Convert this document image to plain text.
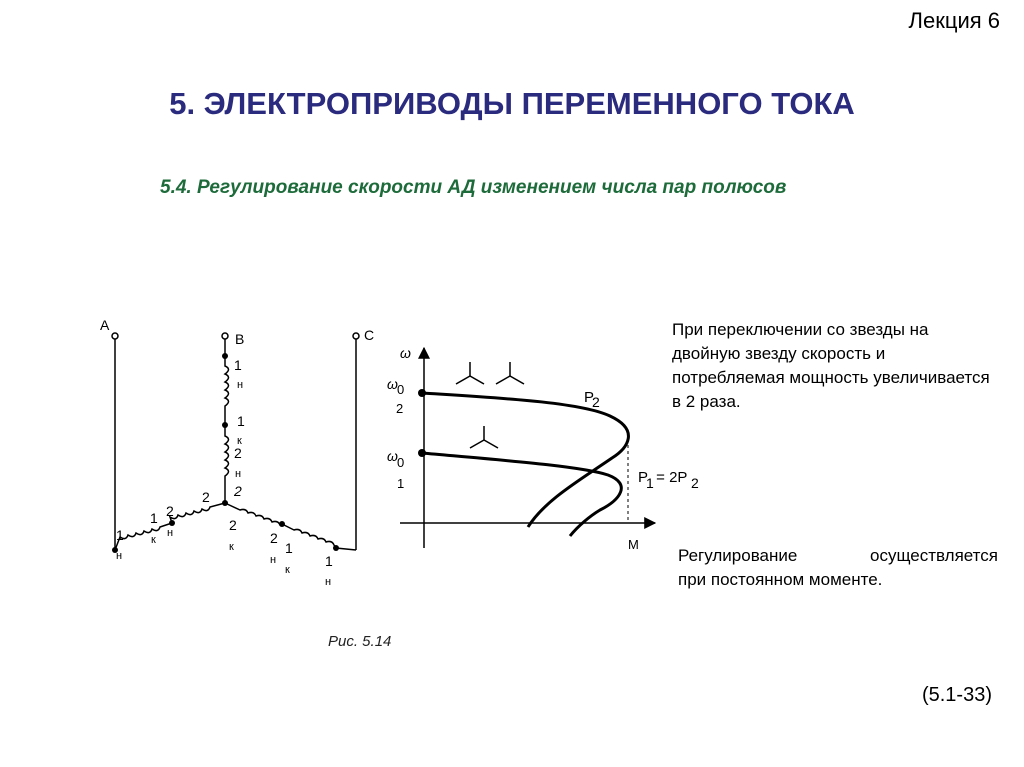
Лекция 6
5. ЭЛЕКТРОПРИВОДЫ ПЕРЕМЕННОГО ТОКА
5.4. Регулирование скорости АД изменением числа пар полюсов
A
B	C
1
н
1
к
2
н
2
2
2
н
1
к
1
н
2
к
2
н
1
к
1
н
ω
M
ω 0
2
ω 0
1
P
2
P
1
= 2P 2
При переключении со звезды на двойную звезду скорость и потребляемая мощность увеличивается в 2 раза.
Регулирование осуществляется
при постоянном моменте.
Рис. 5.14
(5.1-33)
